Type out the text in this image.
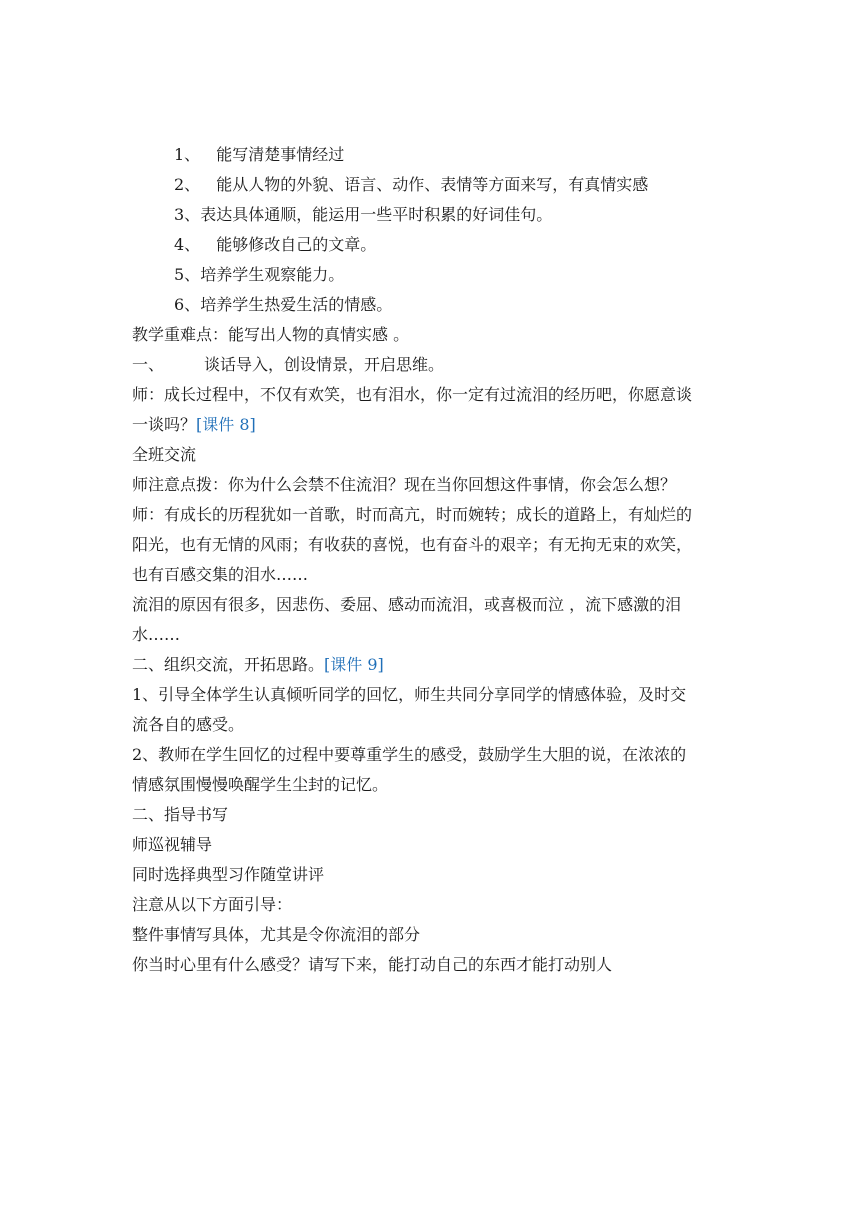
1、 能写清楚事情经过
2、 能从人物的外貌、语言、动作、表情等方面来写，有真情实感
3、表达具体通顺，能运用一些平时积累的好词佳句。
4、 能够修改自己的文章。
5、培养学生观察能力。
6、培养学生热爱生活的情感。
教学重难点：能写出人物的真情实感 。
一、	谈话导入，创设情景，开启思维。
师：成长过程中，不仅有欢笑，也有泪水，你一定有过流泪的经历吧，你愿意谈
一谈吗？[课件 8]
全班交流
师注意点拨：你为什么会禁不住流泪？现在当你回想这件事情，你会怎么想？
师：有成长的历程犹如一首歌，时而高亢，时而婉转；成长的道路上，有灿烂的
阳光，也有无情的风雨；有收获的喜悦，也有奋斗的艰辛；有无拘无束的欢笑，
也有百感交集的泪水……
流泪的原因有很多，因悲伤、委屈、感动而流泪，或喜极而泣 ，流下感激的泪
水……
二、组织交流，开拓思路。[课件 9]
1、引导全体学生认真倾听同学的回忆，师生共同分享同学的情感体验，及时交
流各自的感受。
2、教师在学生回忆的过程中要尊重学生的感受，鼓励学生大胆的说，在浓浓的
情感氛围慢慢唤醒学生尘封的记忆。
二、指导书写
师巡视辅导
同时选择典型习作随堂讲评
注意从以下方面引导：
整件事情写具体，尤其是令你流泪的部分
你当时心里有什么感受？请写下来，能打动自己的东西才能打动别人
